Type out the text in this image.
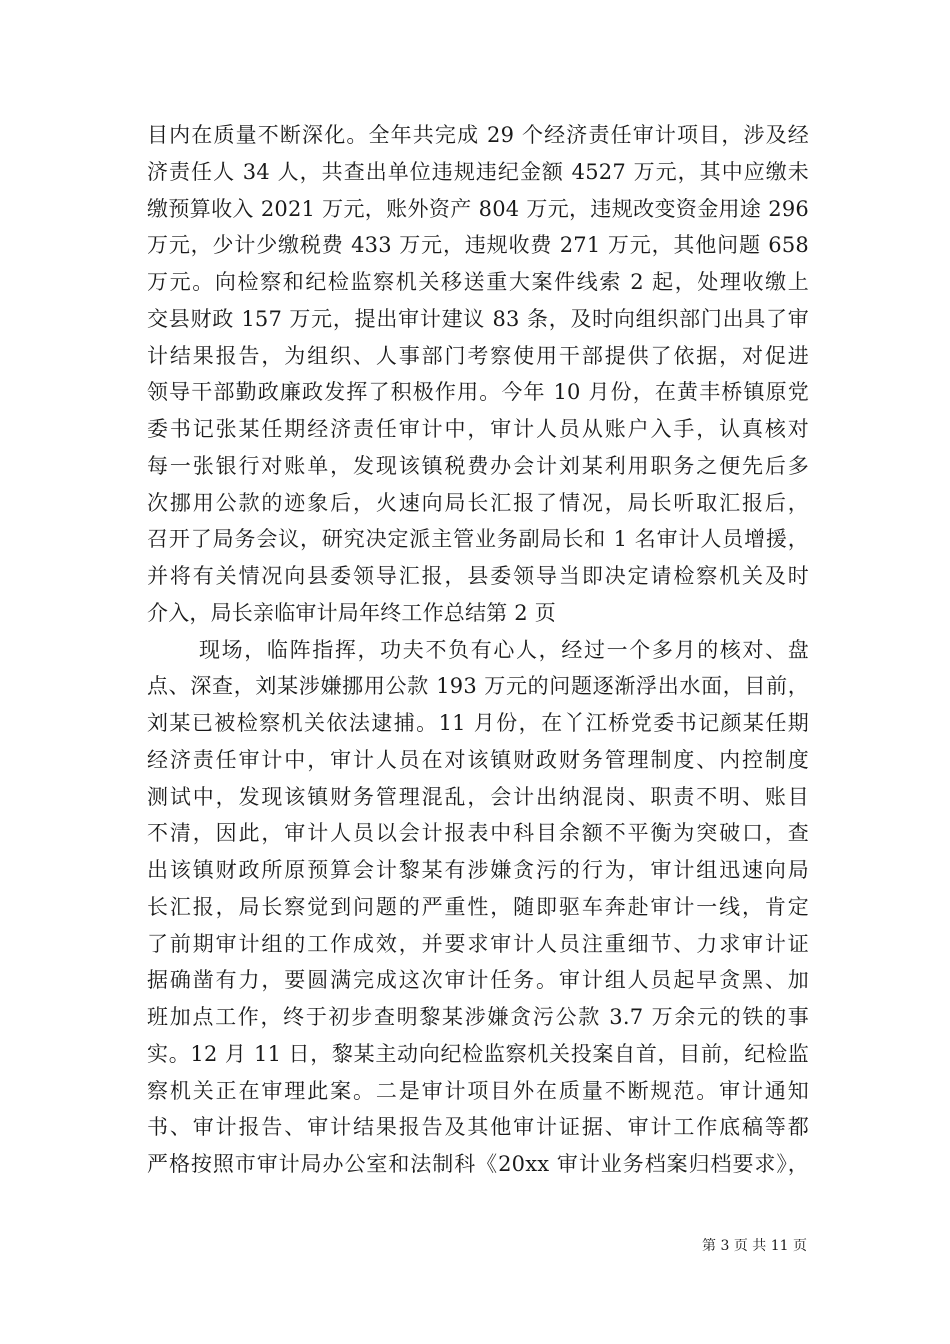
目内在质量不断深化。全年共完成 29 个经济责任审计项目，涉及经
济责任人 34 人，共查出单位违规违纪金额 4527 万元，其中应缴未
缴预算收入 2021 万元，账外资产 804 万元，违规改变资金用途 296
万元，少计少缴税费 433 万元，违规收费 271 万元，其他问题 658
万元。向检察和纪检监察机关移送重大案件线索 2 起，处理收缴上
交县财政 157 万元，提出审计建议 83 条，及时向组织部门出具了审
计结果报告，为组织、人事部门考察使用干部提供了依据，对促进
领导干部勤政廉政发挥了积极作用。今年 10 月份，在黄丰桥镇原党
委书记张某任期经济责任审计中，审计人员从账户入手，认真核对
每一张银行对账单，发现该镇税费办会计刘某利用职务之便先后多
次挪用公款的迹象后，火速向局长汇报了情况，局长听取汇报后，
召开了局务会议，研究决定派主管业务副局长和 1 名审计人员增援，
并将有关情况向县委领导汇报，县委领导当即决定请检察机关及时
介入，局长亲临审计局年终工作总结第 2 页
现场，临阵指挥，功夫不负有心人，经过一个多月的核对、盘
点、深查，刘某涉嫌挪用公款 193 万元的问题逐渐浮出水面，目前，
刘某已被检察机关依法逮捕。11 月份，在丫江桥党委书记颜某任期
经济责任审计中，审计人员在对该镇财政财务管理制度、内控制度
测试中，发现该镇财务管理混乱，会计出纳混岗、职责不明、账目
不清，因此，审计人员以会计报表中科目余额不平衡为突破口，查
出该镇财政所原预算会计黎某有涉嫌贪污的行为，审计组迅速向局
长汇报，局长察觉到问题的严重性，随即驱车奔赴审计一线，肯定
了前期审计组的工作成效，并要求审计人员注重细节、力求审计证
据确凿有力，要圆满完成这次审计任务。审计组人员起早贪黑、加
班加点工作，终于初步查明黎某涉嫌贪污公款 3.7 万余元的铁的事
实。12 月 11 日，黎某主动向纪检监察机关投案自首，目前，纪检监
察机关正在审理此案。二是审计项目外在质量不断规范。审计通知
书、审计报告、审计结果报告及其他审计证据、审计工作底稿等都
严格按照市审计局办公室和法制科《20xx 审计业务档案归档要求》，
第 3 页 共 11 页
